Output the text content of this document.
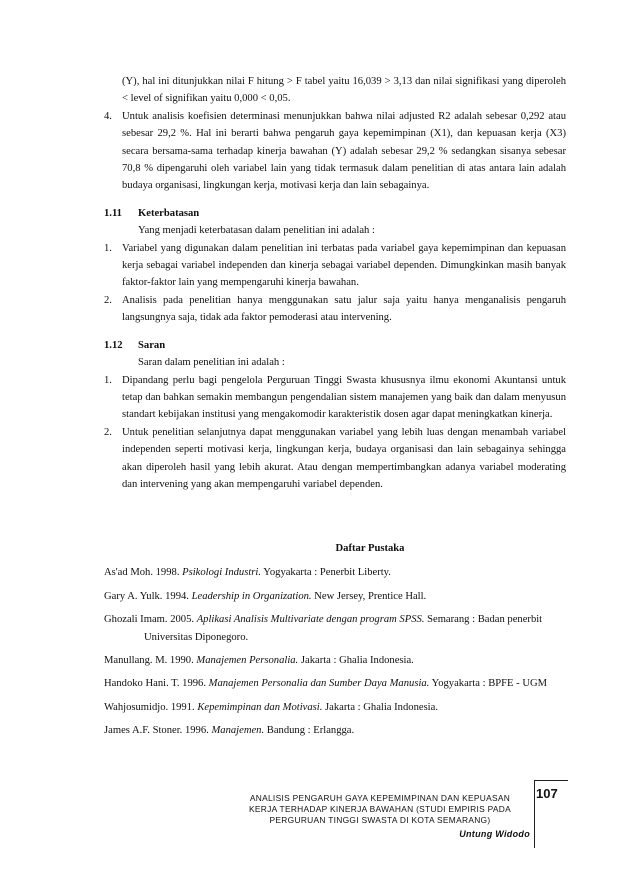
(Y), hal ini ditunjukkan nilai F hitung > F tabel yaitu 16,039 > 3,13 dan nilai signifikasi yang diperoleh < level of signifikan yaitu 0,000 < 0,05.
4. Untuk analisis koefisien determinasi menunjukkan bahwa nilai adjusted R2 adalah sebesar 0,292 atau sebesar 29,2 %. Hal ini berarti bahwa pengaruh gaya kepemimpinan (X1), dan kepuasan kerja (X3) secara bersama-sama terhadap kinerja bawahan (Y) adalah sebesar 29,2 % sedangkan sisanya sebesar 70,8 % dipengaruhi oleh variabel lain yang tidak termasuk dalam penelitian di atas antara lain adalah budaya organisasi, lingkungan kerja, motivasi kerja dan lain sebagainya.
1.11 Keterbatasan
Yang menjadi keterbatasan dalam penelitian ini adalah :
1. Variabel yang digunakan dalam penelitian ini terbatas pada variabel gaya kepemimpinan dan kepuasan kerja sebagai variabel independen dan kinerja sebagai variabel dependen. Dimungkinkan masih banyak faktor-faktor lain yang mempengaruhi kinerja bawahan.
2. Analisis pada penelitian hanya menggunakan satu jalur saja yaitu hanya menganalisis pengaruh langsungnya saja, tidak ada faktor pemoderasi atau intervening.
1.12 Saran
Saran dalam penelitian ini adalah :
1. Dipandang perlu bagi pengelola Perguruan Tinggi Swasta khususnya ilmu ekonomi Akuntansi untuk tetap dan bahkan semakin membangun pengendalian sistem manajemen yang baik dan dalam menyusun standart kebijakan institusi yang mengakomodir karakteristik dosen agar dapat meningkatkan kinerja.
2. Untuk penelitian selanjutnya dapat menggunakan variabel yang lebih luas dengan menambah variabel independen seperti motivasi kerja, lingkungan kerja, budaya organisasi dan lain sebagainya sehingga akan diperoleh hasil yang lebih akurat. Atau dengan mempertimbangkan adanya variabel moderating dan intervening yang akan mempengaruhi variabel dependen.
Daftar Pustaka
As'ad Moh. 1998. Psikologi Industri. Yogyakarta : Penerbit Liberty.
Gary A. Yulk. 1994. Leadership in Organization. New Jersey, Prentice Hall.
Ghozali Imam. 2005. Aplikasi Analisis Multivariate dengan program SPSS. Semarang : Badan penerbit Universitas Diponegoro.
Manullang. M. 1990. Manajemen Personalia. Jakarta : Ghalia Indonesia.
Handoko Hani. T. 1996. Manajemen Personalia dan Sumber Daya Manusia. Yogyakarta : BPFE - UGM
Wahjosumidjo. 1991. Kepemimpinan dan Motivasi. Jakarta : Ghalia Indonesia.
James A.F. Stoner. 1996. Manajemen. Bandung : Erlangga.
107
ANALISIS PENGARUH GAYA KEPEMIMPINAN DAN KEPUASAN
KERJA TERHADAP KINERJA BAWAHAN (STUDI EMPIRIS PADA
PERGURUAN TINGGI SWASTA DI KOTA SEMARANG)
Untung Widodo
